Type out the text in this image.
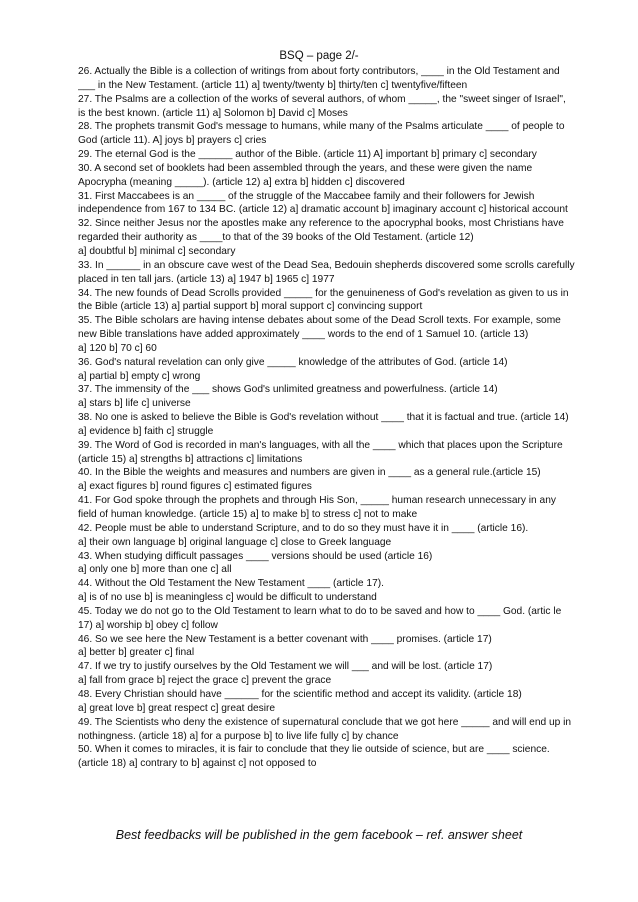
BSQ – page 2/-
26. Actually the Bible is a collection of writings from about forty contributors, ____ in the Old Testament and
___ in the New Testament. (article 11) a] twenty/twenty b] thirty/ten c] twentyfive/fifteen
27. The Psalms are a collection of the works of several authors, of whom _____, the "sweet singer of Israel",
is the best known. (article 11) a] Solomon b] David c] Moses
28. The prophets transmit God's message to humans, while many of the Psalms articulate ____ of people to
God (article 11). A] joys b] prayers c] cries
29. The eternal God is the ______ author of the Bible. (article 11) A] important b] primary c] secondary
30. A second set of booklets had been assembled through the years, and these were given the name
Apocrypha (meaning _____). (article 12) a] extra b] hidden c] discovered
31. First Maccabees is an _____ of the struggle of the Maccabee family and their followers for Jewish
independence from 167 to 134 BC. (article 12) a] dramatic account b] imaginary account c] historical account
32. Since neither Jesus nor the apostles make any reference to the apocryphal books, most Christians have
regarded their authority as ____to that of the 39 books of the Old Testament. (article 12)
a] doubtful b] minimal c] secondary
33. In ______ in an obscure cave west of the Dead Sea, Bedouin shepherds discovered some scrolls carefully
placed in ten tall jars. (article 13) a] 1947 b] 1965 c] 1977
34. The new founds of Dead Scrolls provided _____ for the genuineness of God's revelation as given to us in
the Bible (article 13) a] partial support b] moral support c] convincing support
35. The Bible scholars are having intense debates about some of the Dead Scroll texts. For example, some
new Bible translations have added approximately ____ words to the end of 1 Samuel 10. (article 13)
a] 120 b] 70 c] 60
36. God's natural revelation can only give _____ knowledge of the attributes of God. (article 14)
a] partial b] empty c] wrong
37. The immensity of the ___ shows God's unlimited greatness and powerfulness. (article 14)
a] stars b] life c] universe
38. No one is asked to believe the Bible is God's revelation without ____ that it is factual and true. (article 14)
a] evidence b] faith c] struggle
39. The Word of God is recorded in man's languages, with all the ____ which that places upon the Scripture
(article 15) a] strengths b] attractions c] limitations
40. In the Bible the weights and measures and numbers are given in ____ as a general rule.(article 15)
a] exact figures b] round figures c] estimated figures
41. For God spoke through the prophets and through His Son, _____ human research unnecessary in any
field of human knowledge. (article 15) a] to make b] to stress c] not to make
42. People must be able to understand Scripture, and to do so they must have it in ____ (article 16).
a] their own language b] original language c] close to Greek language
43. When studying difficult passages ____ versions should be used (article 16)
a] only one b] more than one c] all
44. Without the Old Testament the New Testament ____ (article 17).
a] is of no use b] is meaningless c] would be difficult to understand
45. Today we do not go to the Old Testament to learn what to do to be saved and how to ____ God. (artic le
17) a] worship b] obey c] follow
46. So we see here the New Testament is a better covenant with ____ promises. (article 17)
a] better b] greater c] final
47. If we try to justify ourselves by the Old Testament we will ___ and will be lost. (article 17)
a] fall from grace b] reject the grace c] prevent the grace
48. Every Christian should have ______ for the scientific method and accept its validity. (article 18)
a] great love b] great respect c] great desire
49. The Scientists who deny the existence of supernatural conclude that we got here _____ and will end up in
nothingness. (article 18) a] for a purpose b] to live life fully c] by chance
50. When it comes to miracles, it is fair to conclude that they lie outside of science, but are ____ science.
(article 18) a] contrary to b] against c] not opposed to
Best feedbacks will be published in the gem facebook – ref. answer sheet
